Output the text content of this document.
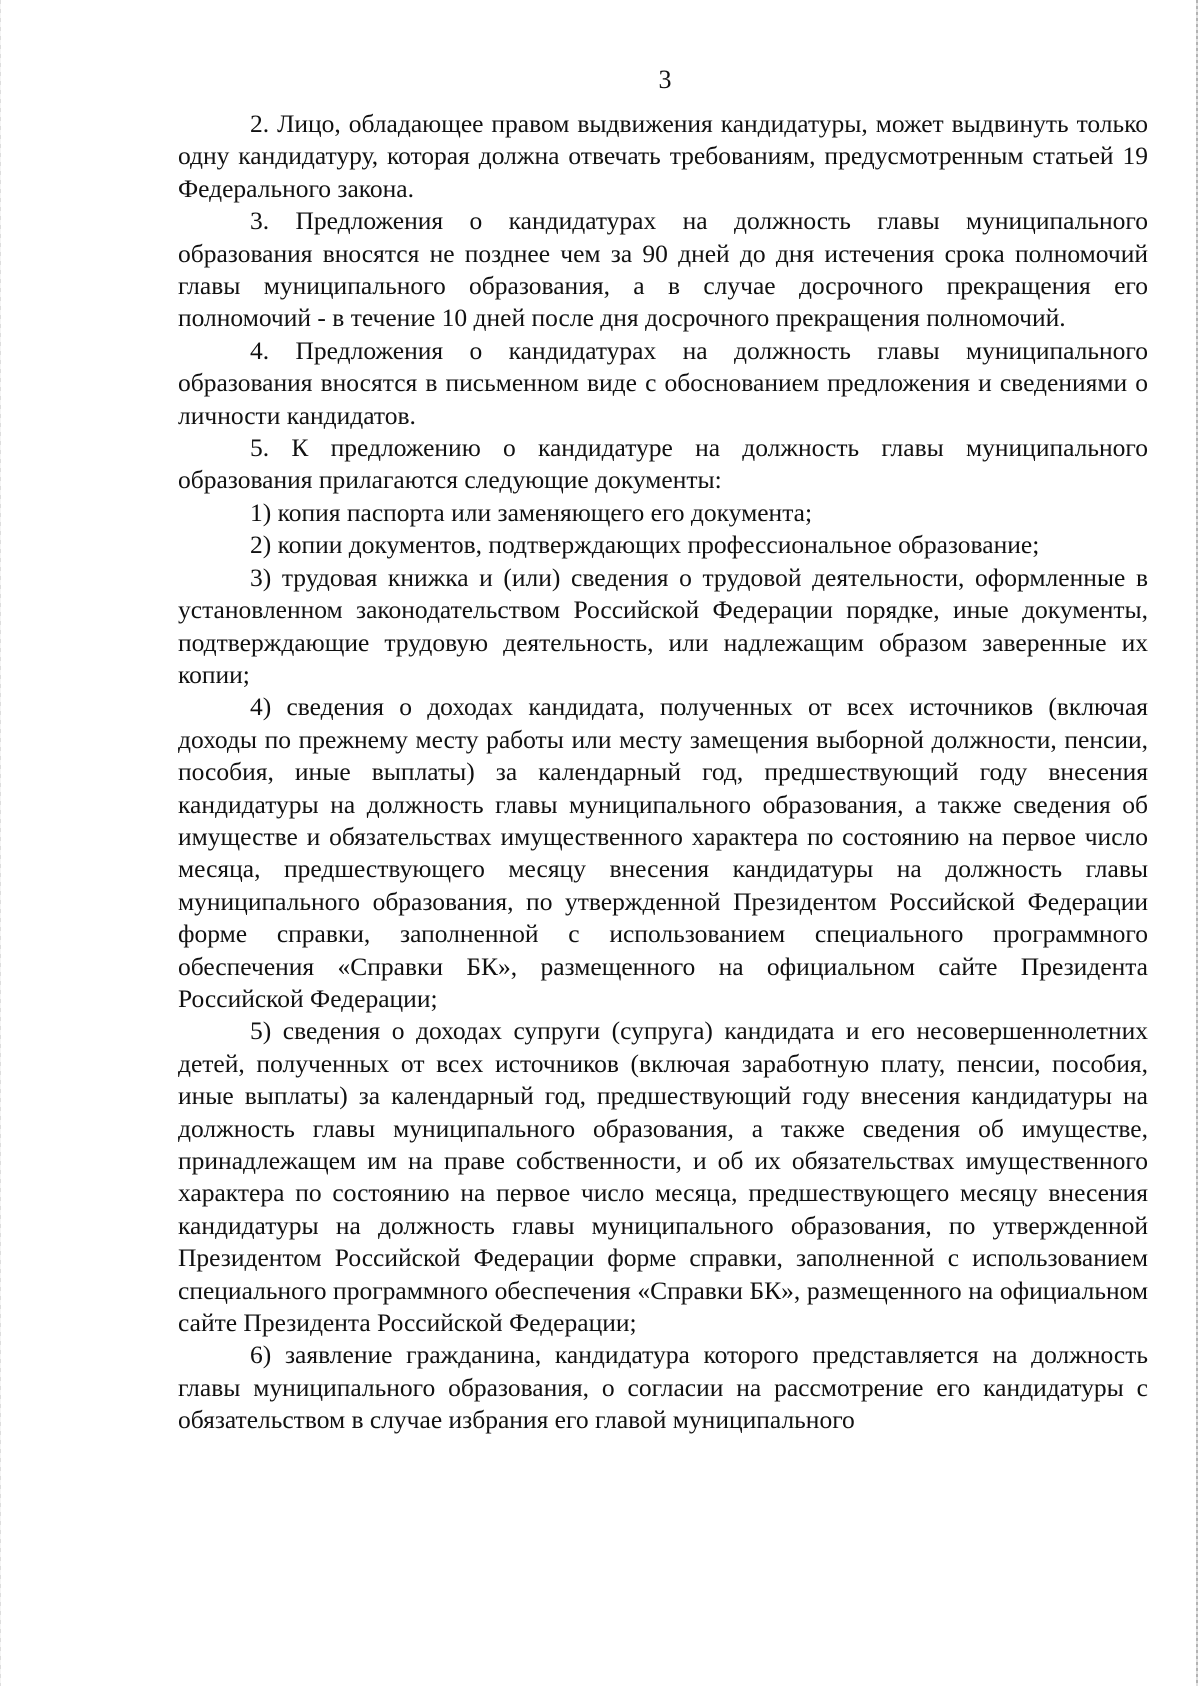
3

2. Лицо, обладающее правом выдвижения кандидатуры, может выдвинуть только одну кандидатуру, которая должна отвечать требованиям, предусмотренным статьей 19 Федерального закона.

3. Предложения о кандидатурах на должность главы муниципального образования вносятся не позднее чем за 90 дней до дня истечения срока полномочий главы муниципального образования, а в случае досрочного прекращения его полномочий - в течение 10 дней после дня досрочного прекращения полномочий.

4. Предложения о кандидатурах на должность главы муниципального образования вносятся в письменном виде с обоснованием предложения и сведениями о личности кандидатов.

5. К предложению о кандидатуре на должность главы муниципального образования прилагаются следующие документы:

1) копия паспорта или заменяющего его документа;

2) копии документов, подтверждающих профессиональное образование;

3) трудовая книжка и (или) сведения о трудовой деятельности, оформленные в установленном законодательством Российской Федерации порядке, иные документы, подтверждающие трудовую деятельность, или надлежащим образом заверенные их копии;

4) сведения о доходах кандидата, полученных от всех источников (включая доходы по прежнему месту работы или месту замещения выборной должности, пенсии, пособия, иные выплаты) за календарный год, предшествующий году внесения кандидатуры на должность главы муниципального образования, а также сведения об имуществе и обязательствах имущественного характера по состоянию на первое число месяца, предшествующего месяцу внесения кандидатуры на должность главы муниципального образования, по утвержденной Президентом Российской Федерации форме справки, заполненной с использованием специального программного обеспечения «Справки БК», размещенного на официальном сайте Президента Российской Федерации;

5) сведения о доходах супруги (супруга) кандидата и его несовершеннолетних детей, полученных от всех источников (включая заработную плату, пенсии, пособия, иные выплаты) за календарный год, предшествующий году внесения кандидатуры на должность главы муниципального образования, а также сведения об имуществе, принадлежащем им на праве собственности, и об их обязательствах имущественного характера по состоянию на первое число месяца, предшествующего месяцу внесения кандидатуры на должность главы муниципального образования, по утвержденной Президентом Российской Федерации форме справки, заполненной с использованием специального программного обеспечения «Справки БК», размещенного на официальном сайте Президента Российской Федерации;

6) заявление гражданина, кандидатура которого представляется на должность главы муниципального образования, о согласии на рассмотрение его кандидатуры с обязательством в случае избрания его главой муниципального
